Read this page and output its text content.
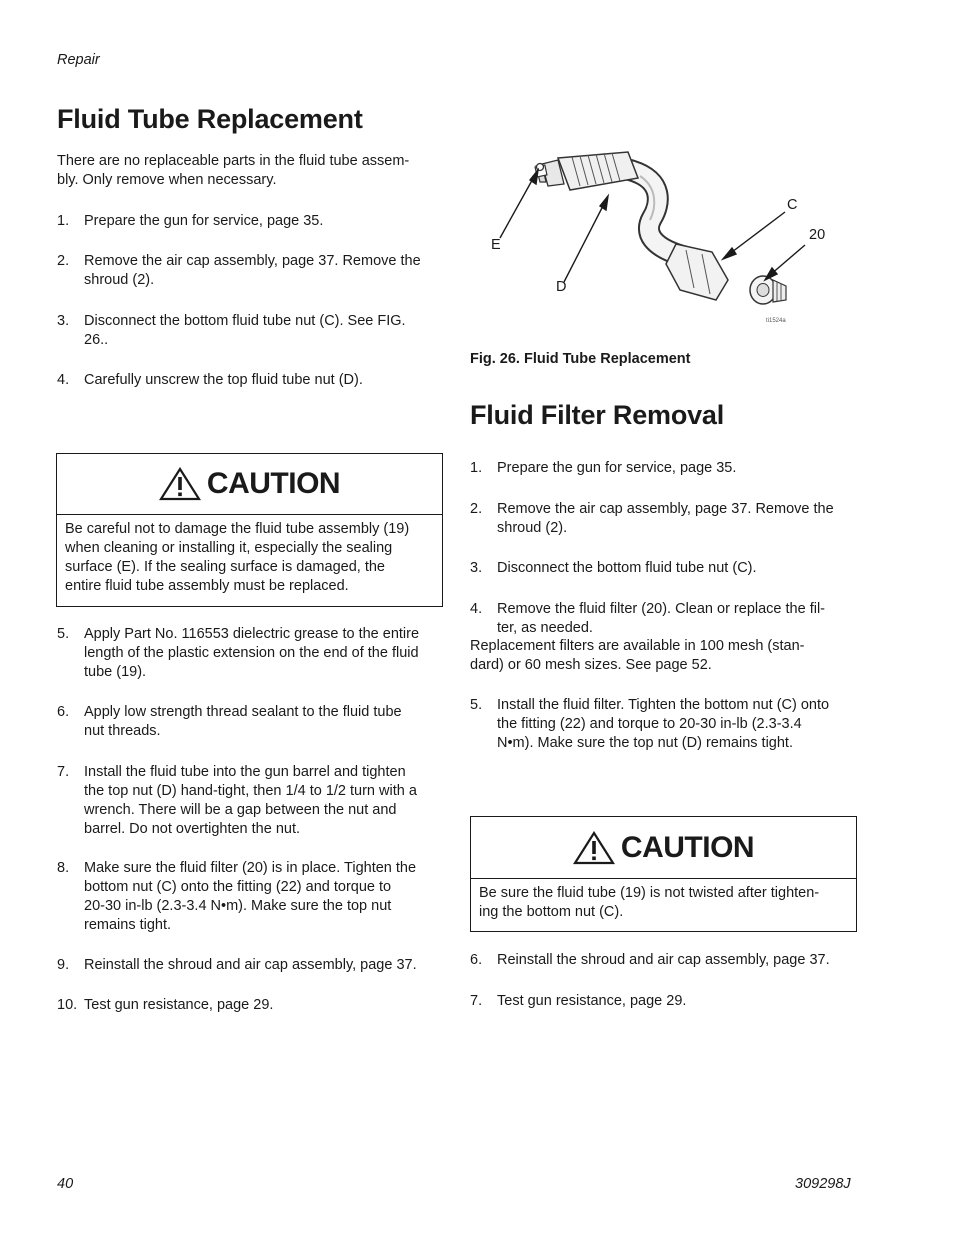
Repair
Fluid Tube Replacement
There are no replaceable parts in the fluid tube assem-
bly. Only remove when necessary.
1. Prepare the gun for service, page 35.
2. Remove the air cap assembly, page 37. Remove the
shroud (2).
3. Disconnect the bottom fluid tube nut (C). See FIG.
26..
4. Carefully unscrew the top fluid tube nut (D).
CAUTION
Be careful not to damage the fluid tube assembly (19)
when cleaning or installing it, especially the sealing
surface (E). If the sealing surface is damaged, the
entire fluid tube assembly must be replaced.
5. Apply Part No. 116553 dielectric grease to the entire
length of the plastic extension on the end of the fluid
tube (19).
6. Apply low strength thread sealant to the fluid tube
nut threads.
7. Install the fluid tube into the gun barrel and tighten
the top nut (D) hand-tight, then 1/4 to 1/2 turn with a
wrench. There will be a gap between the nut and
barrel. Do not overtighten the nut.
8. Make sure the fluid filter (20) is in place. Tighten the
bottom nut (C) onto the fitting (22) and torque to
20-30 in-lb (2.3-3.4 N•m). Make sure the top nut
remains tight.
9. Reinstall the shroud and air cap assembly, page 37.
10. Test gun resistance, page 29.
E
D
C
20
ti1524a
Fig. 26. Fluid Tube Replacement
Fluid Filter Removal
1. Prepare the gun for service, page 35.
2. Remove the air cap assembly, page 37. Remove the
shroud (2).
3. Disconnect the bottom fluid tube nut (C).
4. Remove the fluid filter (20). Clean or replace the fil-
ter, as needed.
Replacement filters are available in 100 mesh (stan-
dard) or 60 mesh sizes. See page 52.
5. Install the fluid filter. Tighten the bottom nut (C) onto
the fitting (22) and torque to 20-30 in-lb (2.3-3.4
N•m). Make sure the top nut (D) remains tight.
CAUTION
Be sure the fluid tube (19) is not twisted after tighten-
ing the bottom nut (C).
6. Reinstall the shroud and air cap assembly, page 37.
7. Test gun resistance, page 29.
40	309298J
